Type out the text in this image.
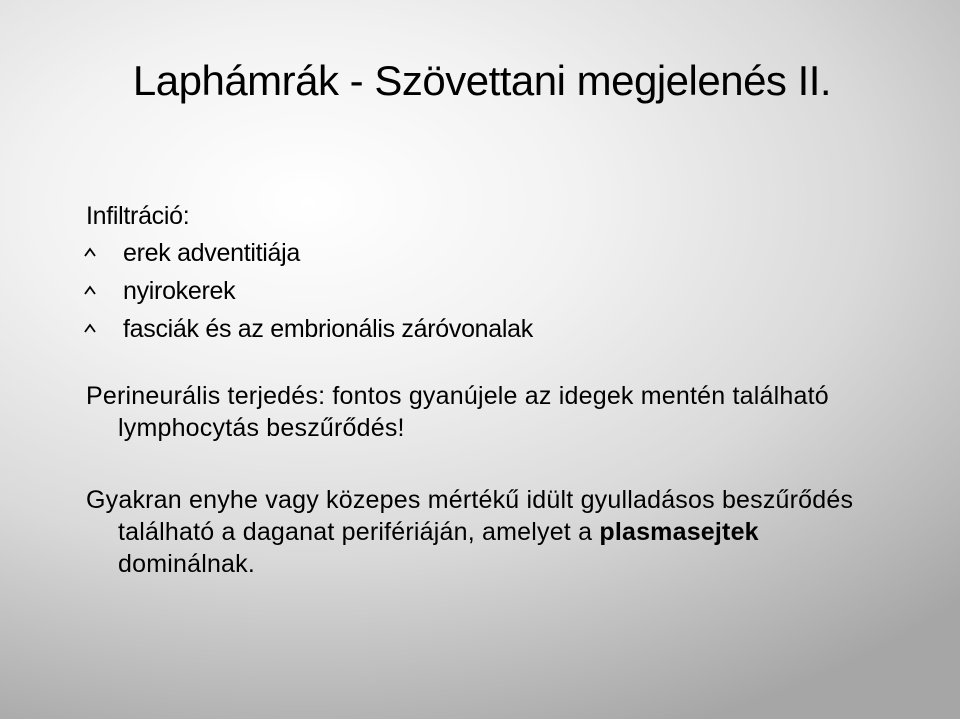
Laphámrák - Szövettani megjelenés II.

Infiltráció:

erek adventitiája
nyirokerek
fasciák és az embrionális záróvonalak

Perineurális terjedés: fontos gyanújele az idegek mentén található lymphocytás beszűrődés!

Gyakran enyhe vagy közepes mértékű idült gyulladásos beszűrődés található a daganat perifériáján, amelyet a plasmasejtek dominálnak.
